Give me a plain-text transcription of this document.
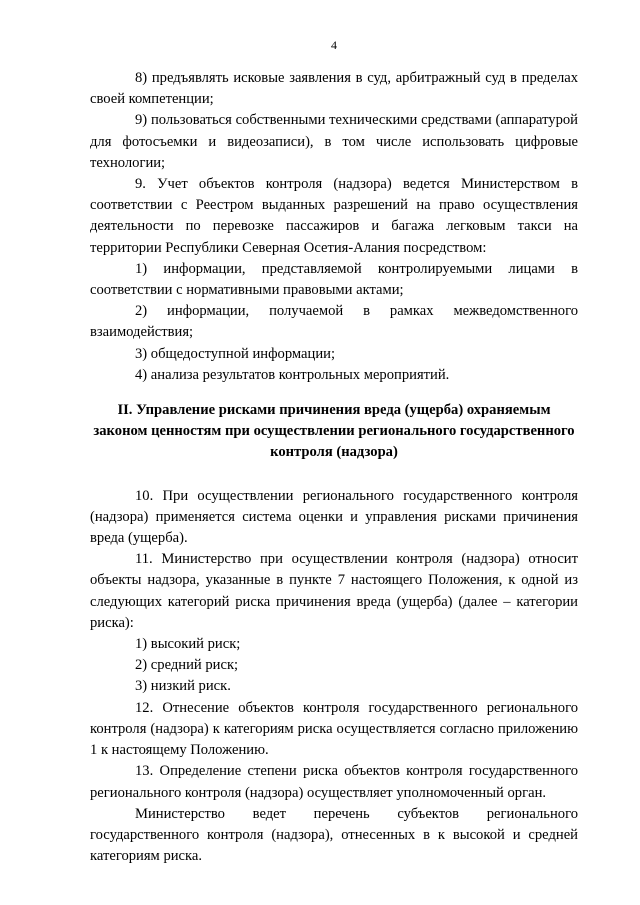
4

8) предъявлять исковые заявления в суд, арбитражный суд в пределах своей компетенции;

9) пользоваться собственными техническими средствами (аппаратурой для фотосъемки и видеозаписи), в том числе использовать цифровые технологии;

9. Учет объектов контроля (надзора) ведется Министерством в соответствии с Реестром выданных разрешений на право осуществления деятельности по перевозке пассажиров и багажа легковым такси на территории Республики Северная Осетия-Алания посредством:

1) информации, представляемой контролируемыми лицами в соответствии с нормативными правовыми актами;

2) информации, получаемой в рамках межведомственного взаимодействия;

3) общедоступной информации;

4) анализа результатов контрольных мероприятий.

II. Управление рисками причинения вреда (ущерба) охраняемым законом ценностям при осуществлении регионального государственного контроля (надзора)

10. При осуществлении регионального государственного контроля (надзора) применяется система оценки и управления рисками причинения вреда (ущерба).

11. Министерство при осуществлении контроля (надзора) относит объекты надзора, указанные в пункте 7 настоящего Положения, к одной из следующих категорий риска причинения вреда (ущерба) (далее – категории риска):

1) высокий риск;

2) средний риск;

3) низкий риск.

12. Отнесение объектов контроля государственного регионального контроля (надзора) к категориям риска осуществляется согласно приложению 1 к настоящему Положению.

13. Определение степени риска объектов контроля государственного регионального контроля (надзора) осуществляет уполномоченный орган.

Министерство ведет перечень субъектов регионального государственного контроля (надзора), отнесенных в к высокой и средней категориям риска.
